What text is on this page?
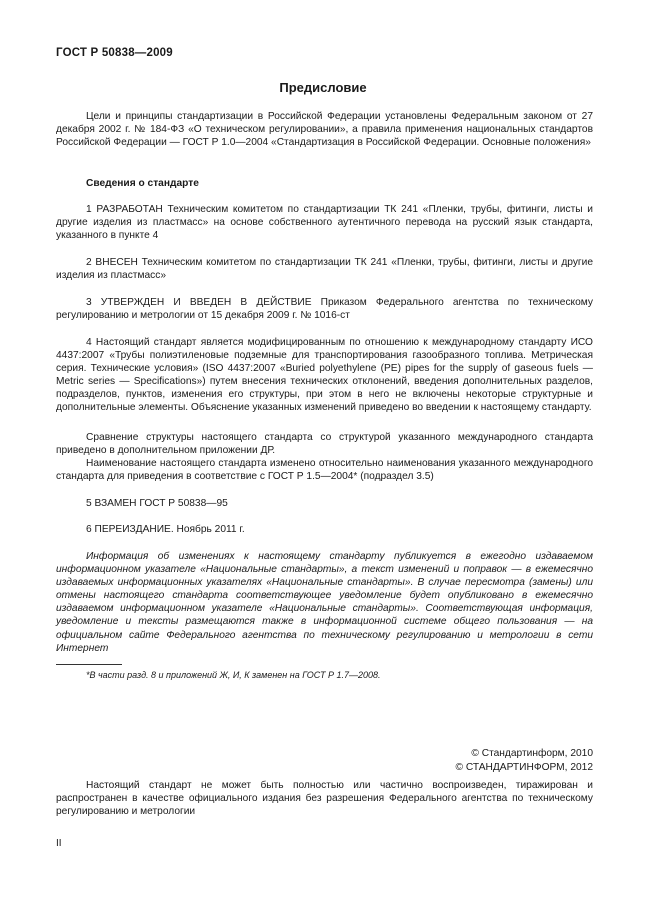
ГОСТ Р 50838—2009
Предисловие

Цели и принципы стандартизации в Российской Федерации установлены Федеральным законом от 27 декабря 2002 г. № 184-ФЗ «О техническом регулировании», а правила применения национальных стандартов Российской Федерации — ГОСТ Р 1.0—2004 «Стандартизация в Российской Федерации. Основные положения»

Сведения о стандарте

1 РАЗРАБОТАН Техническим комитетом по стандартизации ТК 241 «Пленки, трубы, фитинги, листы и другие изделия из пластмасс» на основе собственного аутентичного перевода на русский язык стандарта, указанного в пункте 4

2 ВНЕСЕН Техническим комитетом по стандартизации ТК 241 «Пленки, трубы, фитинги, листы и другие изделия из пластмасс»

3 УТВЕРЖДЕН И ВВЕДЕН В ДЕЙСТВИЕ Приказом Федерального агентства по техническому регулированию и метрологии от 15 декабря 2009 г. № 1016-ст

4 Настоящий стандарт является модифицированным по отношению к международному стандарту ИСО 4437:2007 «Трубы полиэтиленовые подземные для транспортирования газообразного топлива. Метрическая серия. Технические условия» (ISO 4437:2007 «Buried polyethylene (PE) pipes for the supply of gaseous fuels — Metric series — Specifications») путем внесения технических отклонений, введения дополнительных разделов, подразделов, пунктов, изменения его структуры, при этом в него не включены некоторые структурные и дополнительные элементы. Объяснение указанных изменений приведено во введении к настоящему стандарту.

Сравнение структуры настоящего стандарта со структурой указанного международного стандарта приведено в дополнительном приложении ДР.

Наименование настоящего стандарта изменено относительно наименования указанного международного стандарта для приведения в соответствие с ГОСТ Р 1.5—2004* (подраздел 3.5)

5 ВЗАМЕН ГОСТ Р 50838—95

6 ПЕРЕИЗДАНИЕ. Ноябрь 2011 г.

Информация об изменениях к настоящему стандарту публикуется в ежегодно издаваемом информационном указателе «Национальные стандарты», а текст изменений и поправок — в ежемесячно издаваемых информационных указателях «Национальные стандарты». В случае пересмотра (замены) или отмены настоящего стандарта соответствующее уведомление будет опубликовано в ежемесячно издаваемом информационном указателе «Национальные стандарты». Соответствующая информация, уведомление и тексты размещаются также в информационной системе общего пользования — на официальном сайте Федерального агентства по техническому регулированию и метрологии в сети Интернет

*В части разд. 8 и приложений Ж, И, К заменен на ГОСТ Р 1.7—2008.

© Стандартинформ, 2010
© СТАНДАРТИНФОРМ, 2012

Настоящий стандарт не может быть полностью или частично воспроизведен, тиражирован и распространен в качестве официального издания без разрешения Федерального агентства по техническому регулированию и метрологии

II
